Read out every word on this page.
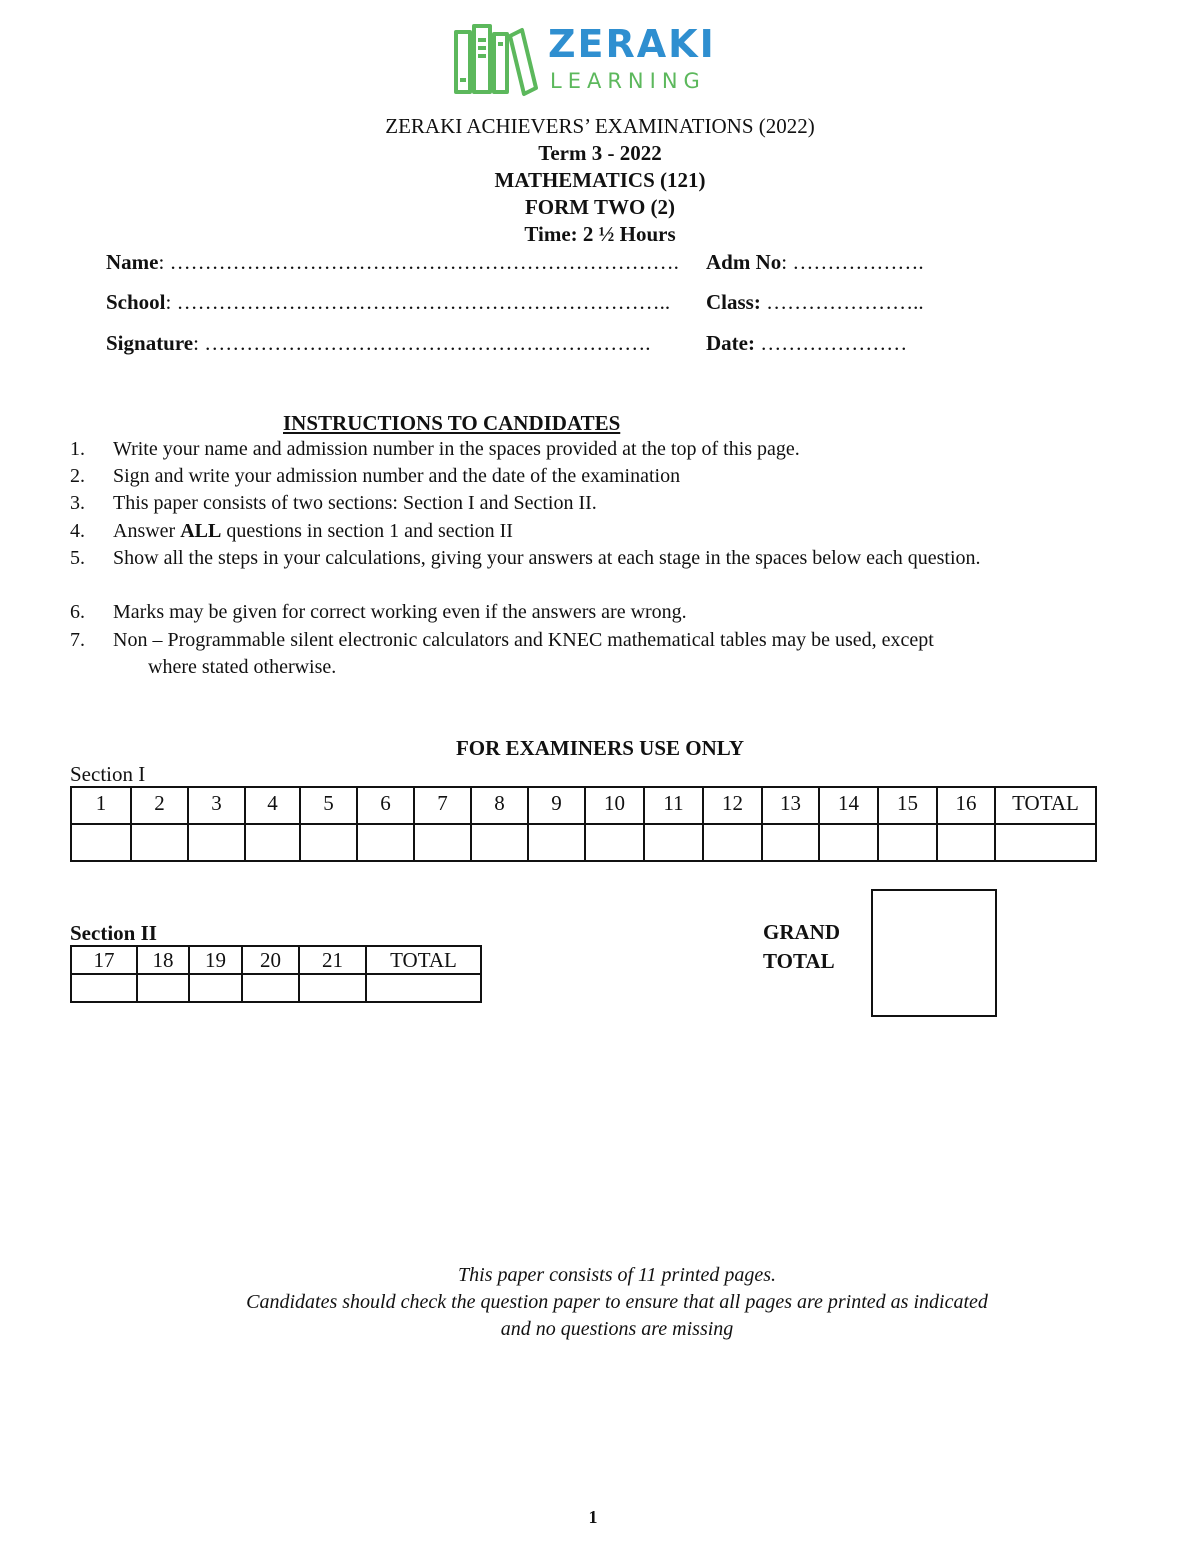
ZERAKI
LEARNING
ZERAKI ACHIEVERS’ EXAMINATIONS (2022)
Term 3 - 2022
MATHEMATICS (121)
FORM TWO (2)
Time: 2 ½ Hours
Name: ………………………………………………………………. Adm No: ……………….
School: …………………………………………………………….. Class: …………………..
Signature: ……………………………………………………….	Date: …………………
INSTRUCTIONS TO CANDIDATES
1. Write your name and admission number in the spaces provided at the top of this page.
2. Sign and write your admission number and the date of the examination
3. This paper consists of two sections: Section I and Section II.
4. Answer ALL questions in section 1 and section II
5. Show all the steps in your calculations, giving your answers at each stage in the spaces below each question.
6. Marks may be given for correct working even if the answers are wrong.
7. Non – Programmable silent electronic calculators and KNEC mathematical tables may be used, except
where stated otherwise.
FOR EXAMINERS USE ONLY
Section I
1	2	3	4	5	6	7	8	9	10	11	12	13	14	15	16	TOTAL

Section II
17	18	19	20	21	TOTAL

GRAND
TOTAL
This paper consists of 11 printed pages.
Candidates should check the question paper to ensure that all pages are printed as indicated
and no questions are missing
1
